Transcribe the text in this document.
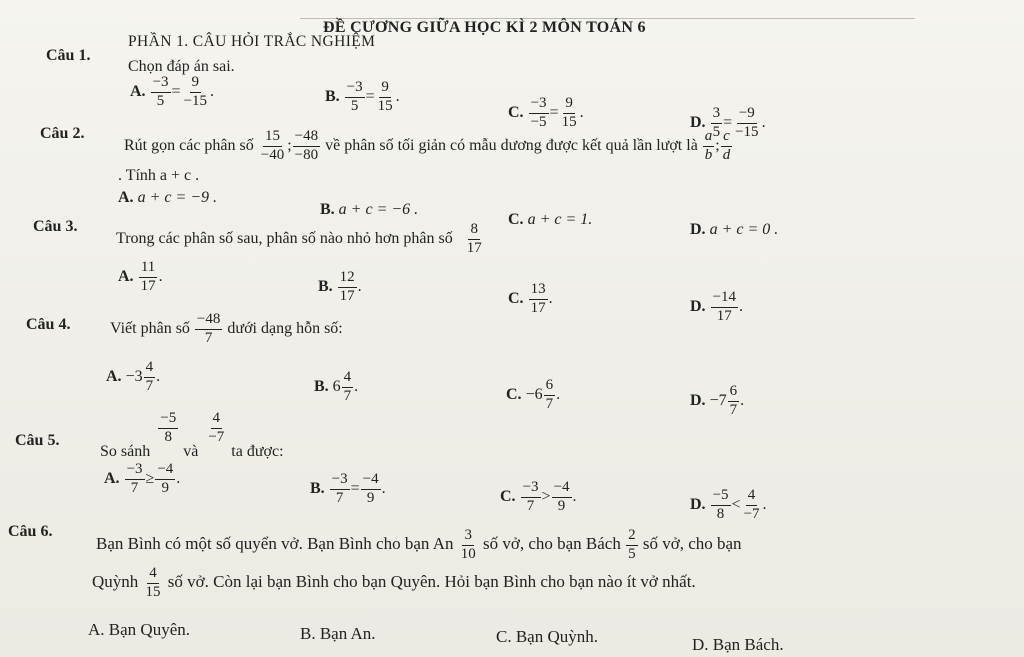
ĐỀ CƯƠNG GIỮA HỌC KÌ 2 MÔN TOÁN 6
PHẦN 1. CÂU HỎI TRẮC NGHIỆM
Câu 1.
Chọn đáp án sai.
A. $\frac{-3}{5} = \frac{9}{-15}$ .	B. $\frac{-3}{5} = \frac{9}{15}$ .
C. $\frac{-3}{-5} = \frac{9}{15}$ .
D. $\frac{3}{5} = \frac{-9}{-15}$ .
Câu 2.
Rút gọn các phân số $\frac{15}{-40}$ ; $\frac{-48}{-80}$ về phân số tối giản có mẫu dương được kết quả lần lượt là $\frac{a}{b}$ ; $\frac{c}{d}$
. Tính a + c .
A. a + c = −9 .
B. a + c = −6 .
C. a + c = 1.
D. a + c = 0 .
Câu 3.
Trong các phân số sau, phân số nào nhỏ hơn phân số $\frac{8}{17}$
A. $\frac{11}{17}$ .
B. $\frac{12}{17}$ .
C. $\frac{13}{17}$ .	D. $\frac{-14}{17}$ .
Câu 4. Viết phân số $\frac{-48}{7}$ dưới dạng hỗn số:
A. $-3 \frac{4}{7}$ .
B. $6 \frac{4}{7}$ .	C. $-6 \frac{6}{7}$ .	D. $-7 \frac{6}{7}$ .
Câu 5.
So sánh
$\frac{-5}{8}$
và
$\frac{4}{-7}$
ta được:
A. $\frac{-3}{7} \ge \frac{-4}{9}$ .
B. $\frac{-3}{7} = \frac{-4}{9}$ .	C. $\frac{-3}{7} > \frac{-4}{9}$ .	D. $\frac{-5}{8} < \frac{4}{-7}$ .
Câu 6.
Bạn Bình có một số quyển vở. Bạn Bình cho bạn An $\frac{3}{10}$ số vở, cho bạn Bách $\frac{2}{5}$ số vở, cho bạn
Quỳnh $\frac{4}{15}$ số vở. Còn lại bạn Bình cho bạn Quyên. Hỏi bạn Bình cho bạn nào ít vở nhất.
A. Bạn Quyên.	B. Bạn An.	C. Bạn Quỳnh.	D. Bạn Bách.
